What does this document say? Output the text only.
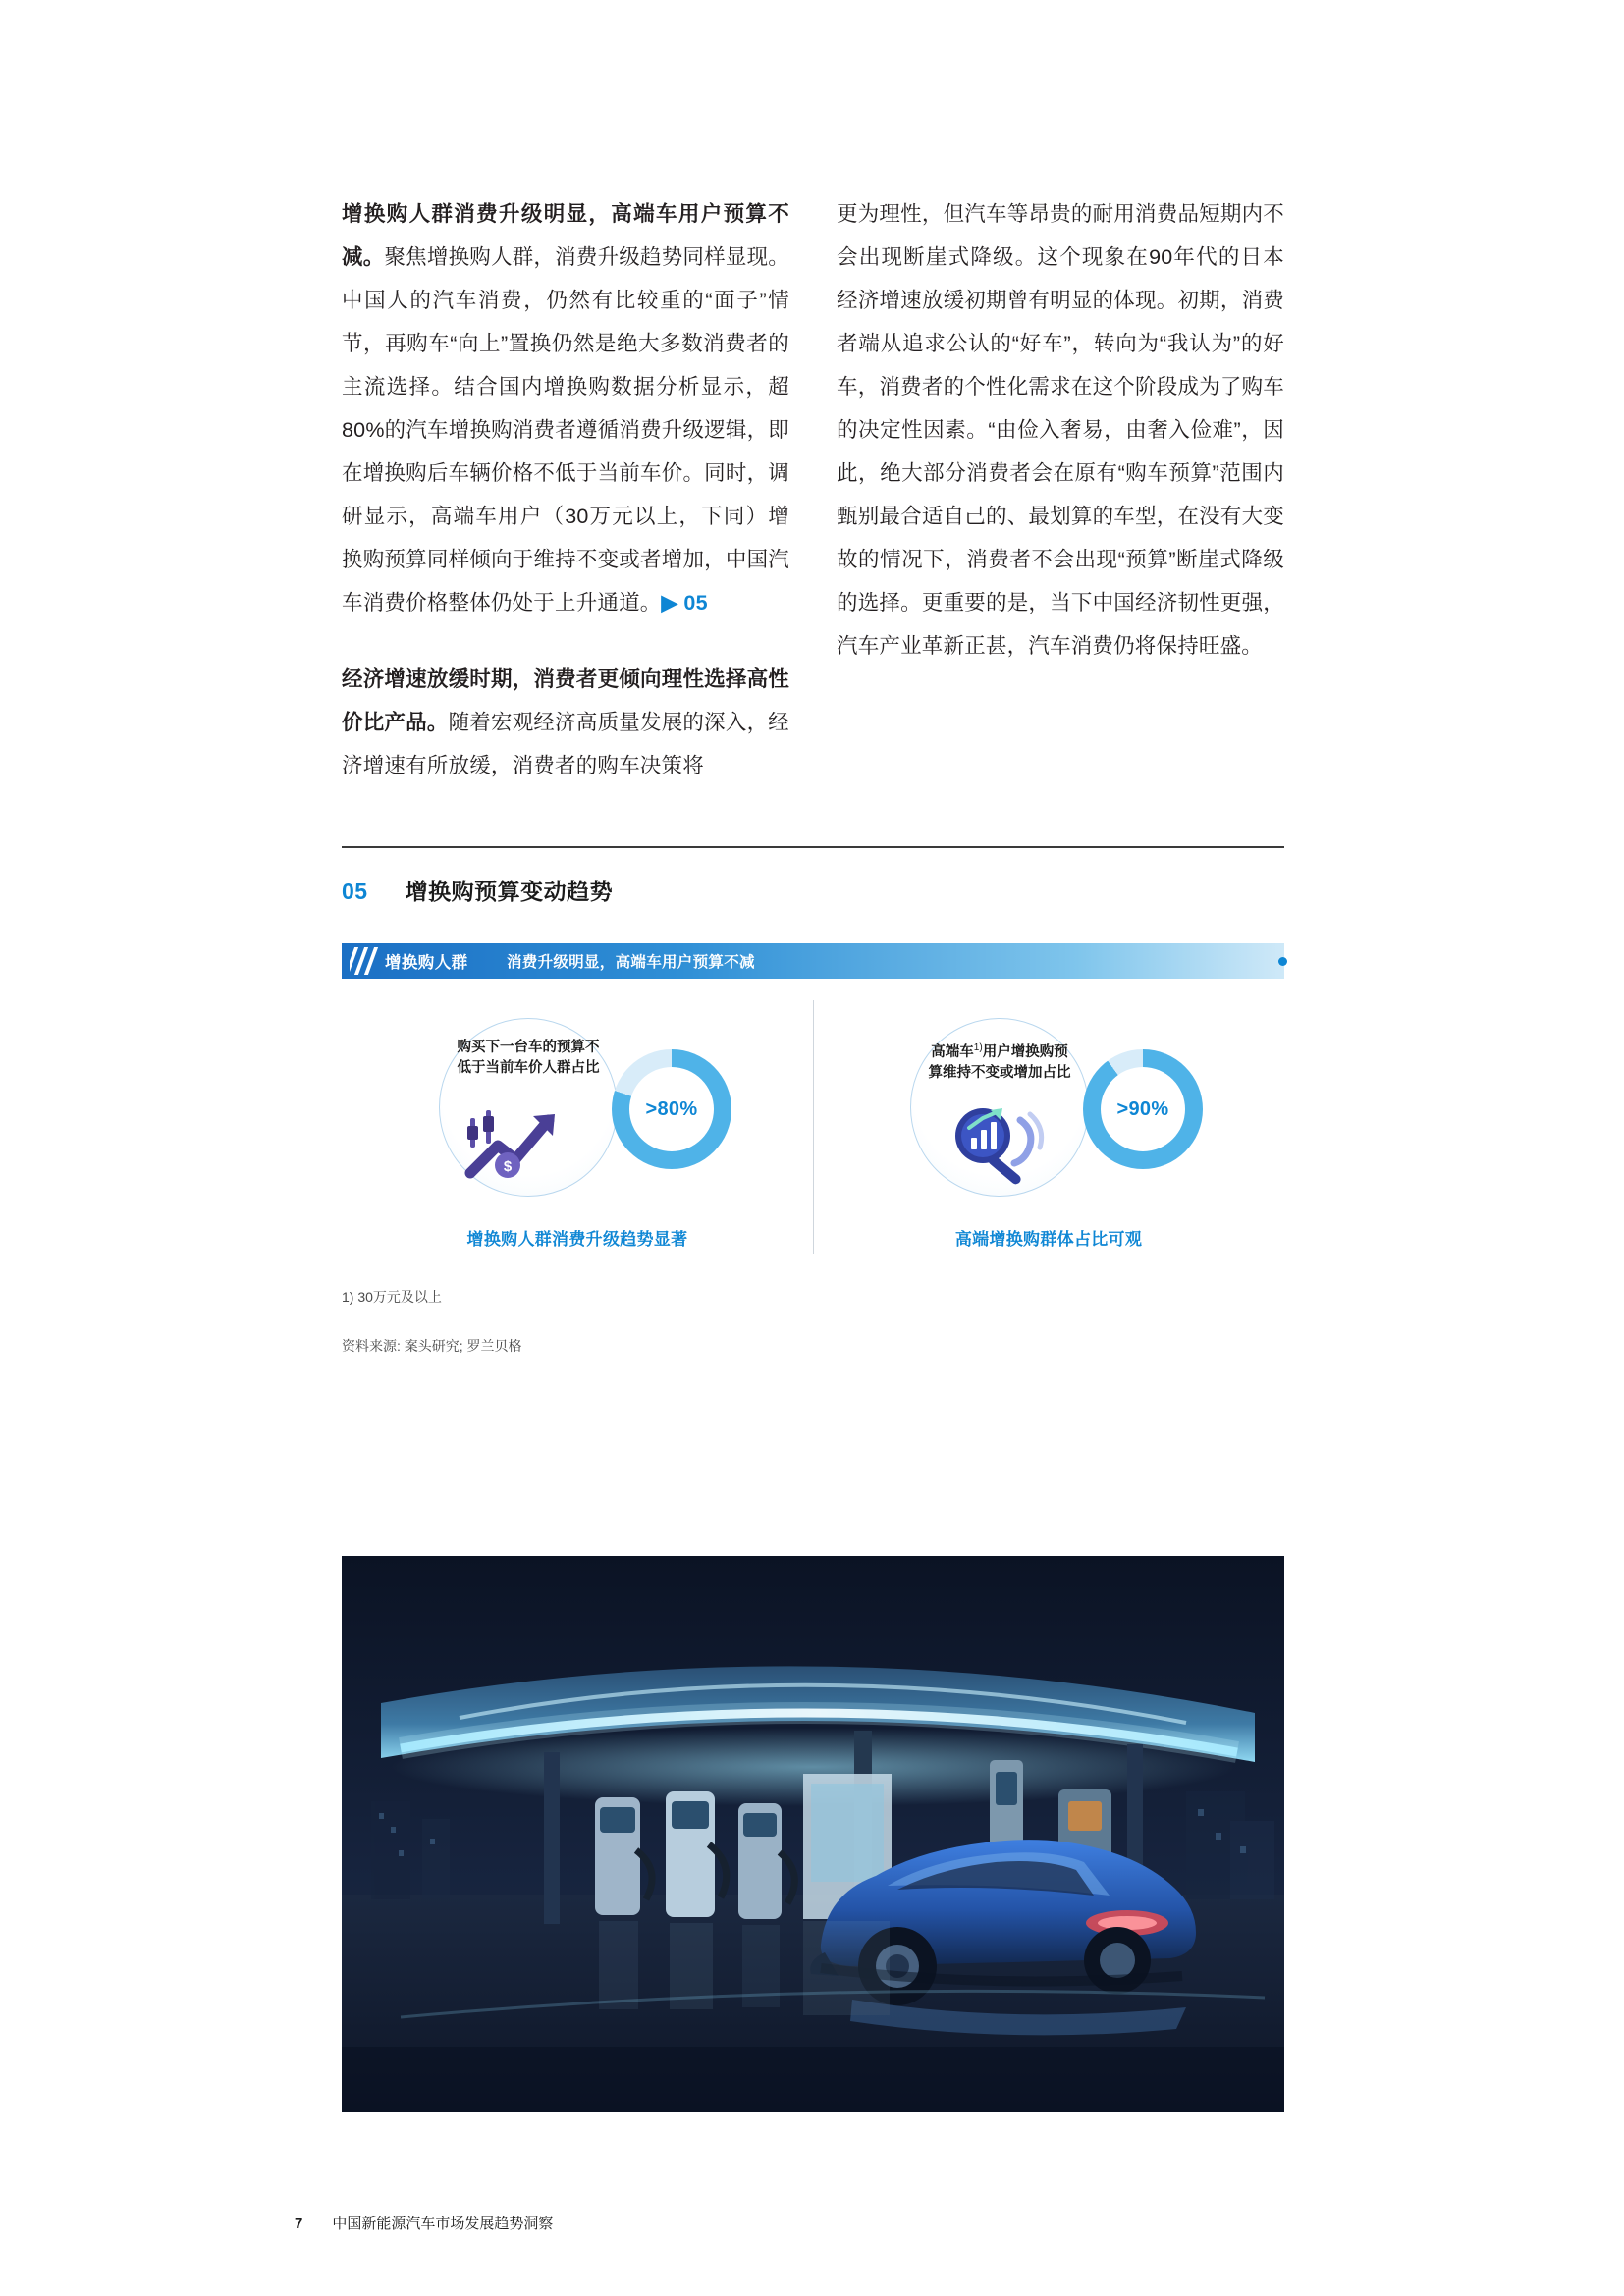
增换购人群消费升级明显，高端车用户预算不减。聚焦增换购人群，消费升级趋势同样显现。中国人的汽车消费，仍然有比较重的“面子”情节，再购车“向上”置换仍然是绝大多数消费者的主流选择。结合国内增换购数据分析显示，超80%的汽车增换购消费者遵循消费升级逻辑，即在增换购后车辆价格不低于当前车价。同时，调研显示，高端车用户（30万元以上，下同）增换购预算同样倾向于维持不变或者增加，中国汽车消费价格整体仍处于上升通道。▶ 05

经济增速放缓时期，消费者更倾向理性选择高性价比产品。随着宏观经济高质量发展的深入，经济增速有所放缓，消费者的购车决策将

更为理性，但汽车等昂贵的耐用消费品短期内不会出现断崖式降级。这个现象在90年代的日本经济增速放缓初期曾有明显的体现。初期，消费者端从追求公认的“好车”，转向为“我认为”的好车，消费者的个性化需求在这个阶段成为了购车的决定性因素。“由俭入奢易，由奢入俭难”，因此，绝大部分消费者会在原有“购车预算”范围内甄别最合适自己的、最划算的车型，在没有大变故的情况下，消费者不会出现“预算”断崖式降级的选择。更重要的是，当下中国经济韧性更强，汽车产业革新正甚，汽车消费仍将保持旺盛。

05 增换购预算变动趋势
增换购人群	消费升级明显，高端车用户预算不减
购买下一台车的预算不低于当前车价人群占比
$
>80%
增换购人群消费升级趋势显著
高端车$^{1)}$用户增换购预算维持不变或增加占比
>90%
高端增换购群体占比可观
1) 30万元及以上
资料来源: 案头研究; 罗兰贝格
7 中国新能源汽车市场发展趋势洞察
